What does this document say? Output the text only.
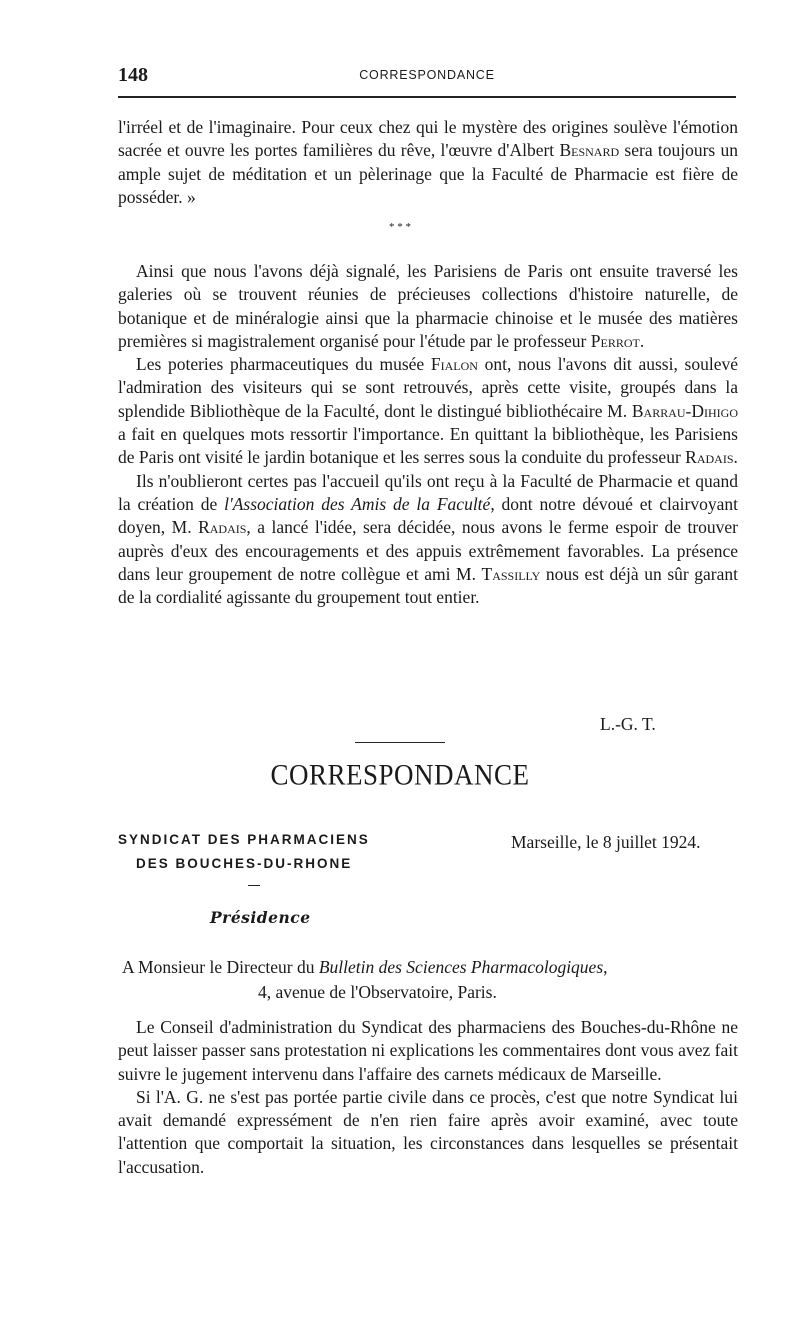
148	CORRESPONDANCE

l'irréel et de l'imaginaire. Pour ceux chez qui le mystère des origines soulève l'émotion sacrée et ouvre les portes familières du rêve, l'œuvre d'Albert Besnard sera toujours un ample sujet de méditation et un pèlerinage que la Faculté de Pharmacie est fière de posséder. »

* * *

Ainsi que nous l'avons déjà signalé, les Parisiens de Paris ont ensuite traversé les galeries où se trouvent réunies de précieuses collections d'histoire naturelle, de botanique et de minéralogie ainsi que la pharmacie chinoise et le musée des matières premières si magistralement organisé pour l'étude par le professeur Perrot.

Les poteries pharmaceutiques du musée Fialon ont, nous l'avons dit aussi, soulevé l'admiration des visiteurs qui se sont retrouvés, après cette visite, groupés dans la splendide Bibliothèque de la Faculté, dont le distingué bibliothécaire M. Barrau-Dihigo a fait en quelques mots ressortir l'importance. En quittant la bibliothèque, les Parisiens de Paris ont visité le jardin botanique et les serres sous la conduite du professeur Radais.

Ils n'oublieront certes pas l'accueil qu'ils ont reçu à la Faculté de Pharmacie et quand la création de l'Association des Amis de la Faculté, dont notre dévoué et clairvoyant doyen, M. Radais, a lancé l'idée, sera décidée, nous avons le ferme espoir de trouver auprès d'eux des encouragements et des appuis extrêmement favorables. La présence dans leur groupement de notre collègue et ami M. Tassilly nous est déjà un sûr garant de la cordialité agissante du groupement tout entier.

L.-G. T.
CORRESPONDANCE
SYNDICAT DES PHARMACIENS
DES BOUCHES-DU-RHONE
Marseille, le 8 juillet 1924.
Présidence
A Monsieur le Directeur du Bulletin des Sciences Pharmacologiques,
4, avenue de l'Observatoire, Paris.

Le Conseil d'administration du Syndicat des pharmaciens des Bouches-du-Rhône ne peut laisser passer sans protestation ni explications les commentaires dont vous avez fait suivre le jugement intervenu dans l'affaire des carnets médicaux de Marseille.

Si l'A. G. ne s'est pas portée partie civile dans ce procès, c'est que notre Syndicat lui avait demandé expressément de n'en rien faire après avoir examiné, avec toute l'attention que comportait la situation, les circonstances dans lesquelles se présentait l'accusation.
